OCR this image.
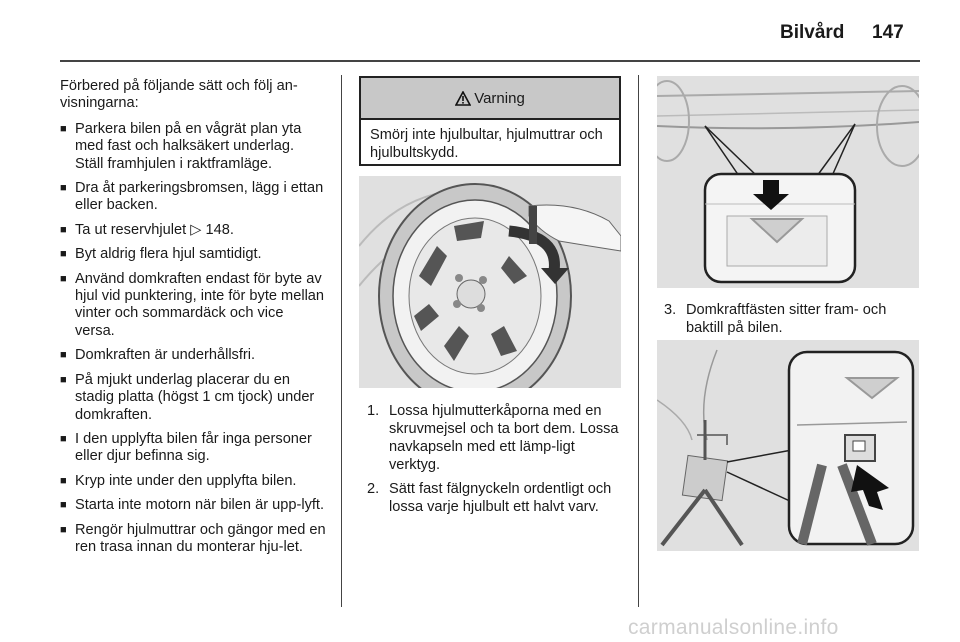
Bilvård 147

Förbered på följande sätt och följ an-visningarna:

■ Parkera bilen på en vågrät plan yta med fast och halksäkert underlag. Ställ framhjulen i raktframläge.
■ Dra åt parkeringsbromsen, lägg i ettan eller backen.
■ Ta ut reservhjulet ▷ 148.
■ Byt aldrig flera hjul samtidigt.
■ Använd domkraften endast för byte av hjul vid punktering, inte för byte mellan vinter och sommardäck och vice versa.
■ Domkraften är underhållsfri.
■ På mjukt underlag placerar du en stadig platta (högst 1 cm tjock) under domkraften.
■ I den upplyfta bilen får inga personer eller djur befinna sig.
■ Kryp inte under den upplyfta bilen.
■ Starta inte motorn när bilen är upp-lyft.
■ Rengör hjulmuttrar och gängor med en ren trasa innan du monterar hju-let.
Varning
Smörj inte hjulbultar, hjulmuttrar och hjulbultskydd.
1. Lossa hjulmutterkåporna med en skruvmejsel och ta bort dem. Lossa navkapseln med ett lämp-ligt verktyg.
2. Sätt fast fälgnyckeln ordentligt och lossa varje hjulbult ett halvt varv.
3. Domkraftfästen sitter fram- och baktill på bilen.
carmanualsonline.info
